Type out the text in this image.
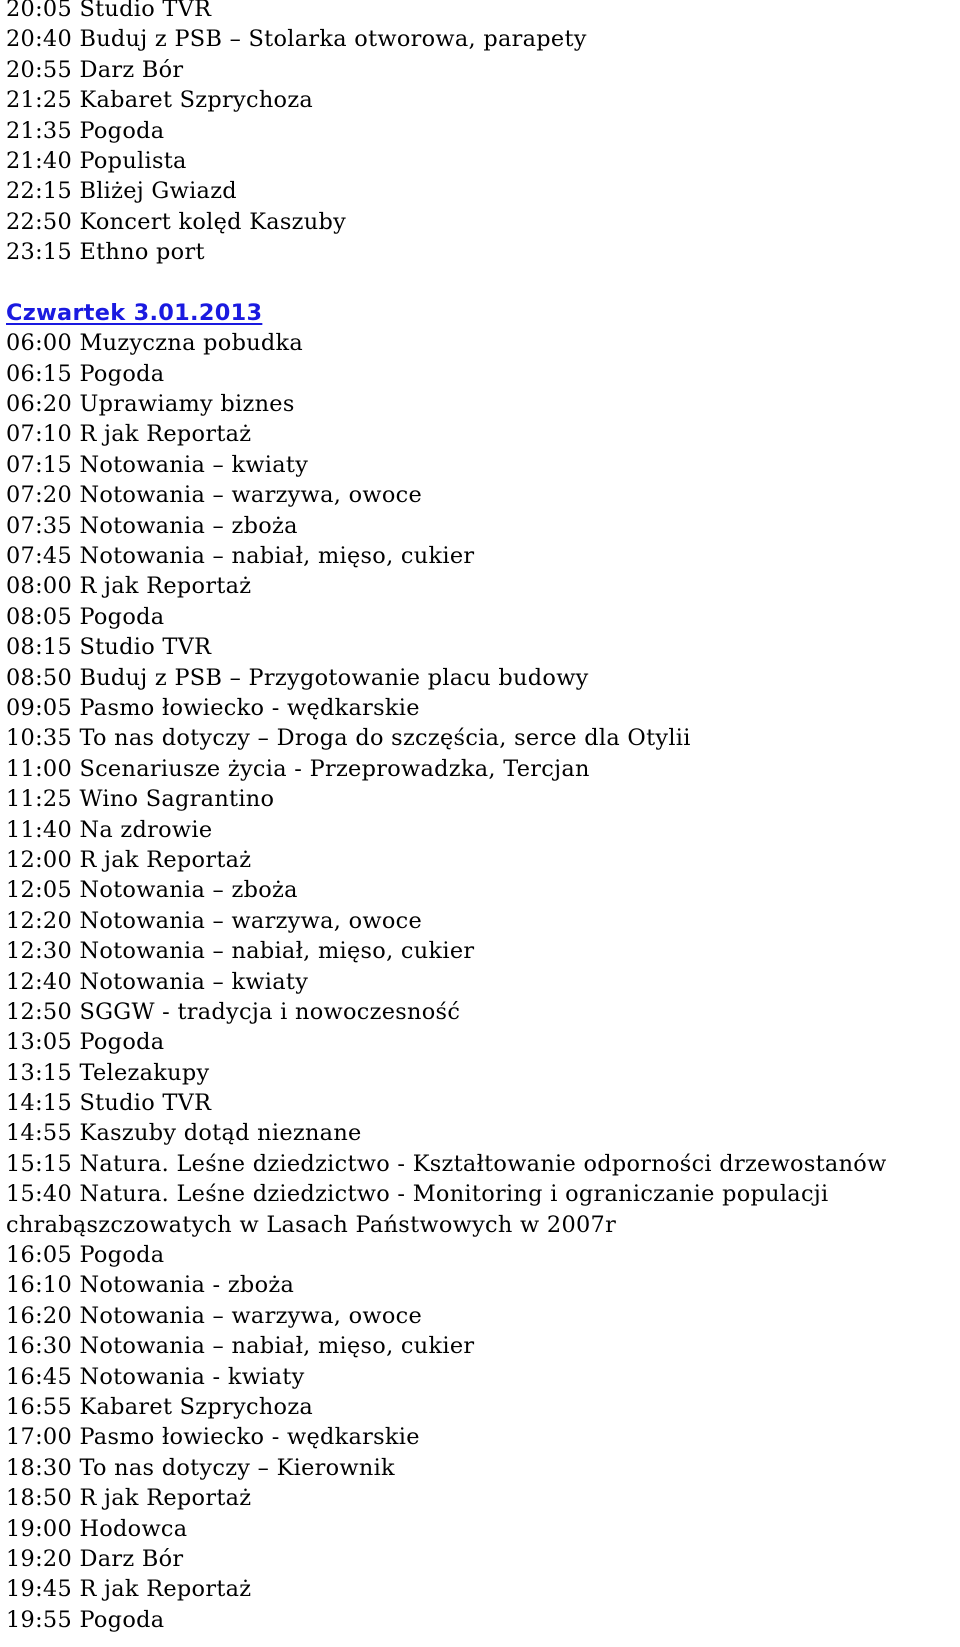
20:05 Studio TVR
20:40 Buduj z PSB – Stolarka otworowa, parapety
20:55 Darz Bór
21:25 Kabaret Szprychoza
21:35 Pogoda
21:40 Populista
22:15 Bliżej Gwiazd
22:50 Koncert kolęd Kaszuby
23:15 Ethno port
Czwartek 3.01.2013
06:00 Muzyczna pobudka
06:15 Pogoda
06:20 Uprawiamy biznes
07:10 R jak Reportaż
07:15 Notowania – kwiaty
07:20 Notowania – warzywa, owoce
07:35 Notowania – zboża
07:45 Notowania – nabiał, mięso, cukier
08:00 R jak Reportaż
08:05 Pogoda
08:15 Studio TVR
08:50 Buduj z PSB – Przygotowanie placu budowy
09:05 Pasmo łowiecko - wędkarskie
10:35 To nas dotyczy – Droga do szczęścia, serce dla Otylii
11:00 Scenariusze życia - Przeprowadzka, Tercjan
11:25 Wino Sagrantino
11:40 Na zdrowie
12:00 R jak Reportaż
12:05 Notowania – zboża
12:20 Notowania – warzywa, owoce
12:30 Notowania – nabiał, mięso, cukier
12:40 Notowania – kwiaty
12:50 SGGW - tradycja i nowoczesność
13:05 Pogoda
13:15 Telezakupy
14:15 Studio TVR
14:55 Kaszuby dotąd nieznane
15:15 Natura. Leśne dziedzictwo - Kształtowanie odporności drzewostanów
15:40 Natura. Leśne dziedzictwo - Monitoring i ograniczanie populacji chrabąszczowatych w Lasach Państwowych w 2007r
16:05 Pogoda
16:10 Notowania - zboża
16:20 Notowania – warzywa, owoce
16:30 Notowania – nabiał, mięso, cukier
16:45 Notowania - kwiaty
16:55 Kabaret Szprychoza
17:00 Pasmo łowiecko - wędkarskie
18:30 To nas dotyczy – Kierownik
18:50 R jak Reportaż
19:00 Hodowca
19:20 Darz Bór
19:45 R jak Reportaż
19:55 Pogoda
